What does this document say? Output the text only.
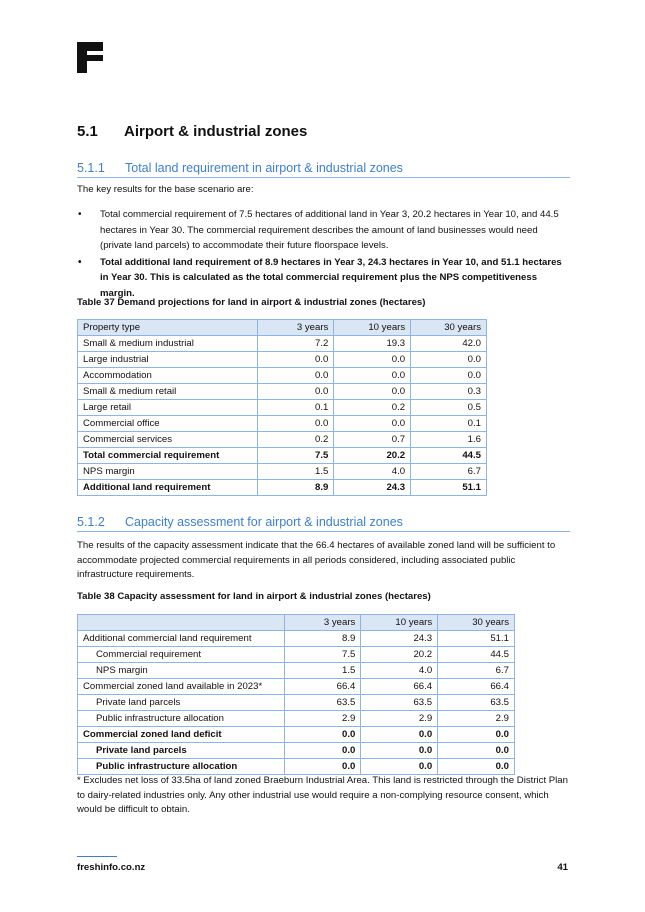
5.1 Airport & industrial zones
5.1.1 Total land requirement in airport & industrial zones
The key results for the base scenario are:
• Total commercial requirement of 7.5 hectares of additional land in Year 3, 20.2 hectares in Year 10, and 44.5 hectares in Year 30. The commercial requirement describes the amount of land businesses would need (private land parcels) to accommodate their future floorspace levels.
• Total additional land requirement of 8.9 hectares in Year 3, 24.3 hectares in Year 10, and 51.1 hectares in Year 30. This is calculated as the total commercial requirement plus the NPS competitiveness margin.
Table 37 Demand projections for land in airport & industrial zones (hectares)
Property type	3 years	10 years	30 years
Small & medium industrial	7.2	19.3	42.0
Large industrial	0.0	0.0	0.0
Accommodation	0.0	0.0	0.0
Small & medium retail	0.0	0.0	0.3
Large retail	0.1	0.2	0.5
Commercial office	0.0	0.0	0.1
Commercial services	0.2	0.7	1.6
Total commercial requirement	7.5	20.2	44.5
NPS margin	1.5	4.0	6.7
Additional land requirement	8.9	24.3	51.1
5.1.2 Capacity assessment for airport & industrial zones
The results of the capacity assessment indicate that the 66.4 hectares of available zoned land will be sufficient to accommodate projected commercial requirements in all periods considered, including associated public infrastructure requirements.
Table 38 Capacity assessment for land in airport & industrial zones (hectares)
	3 years	10 years	30 years
Additional commercial land requirement	8.9	24.3	51.1
Commercial requirement	7.5	20.2	44.5
NPS margin	1.5	4.0	6.7
Commercial zoned land available in 2023*	66.4	66.4	66.4
Private land parcels	63.5	63.5	63.5
Public infrastructure allocation	2.9	2.9	2.9
Commercial zoned land deficit	0.0	0.0	0.0
Private land parcels	0.0	0.0	0.0
Public infrastructure allocation	0.0	0.0	0.0
* Excludes net loss of 33.5ha of land zoned Braeburn Industrial Area. This land is restricted through the District Plan to dairy-related industries only. Any other industrial use would require a non-complying resource consent, which would be difficult to obtain.
freshinfo.co.nz	41
